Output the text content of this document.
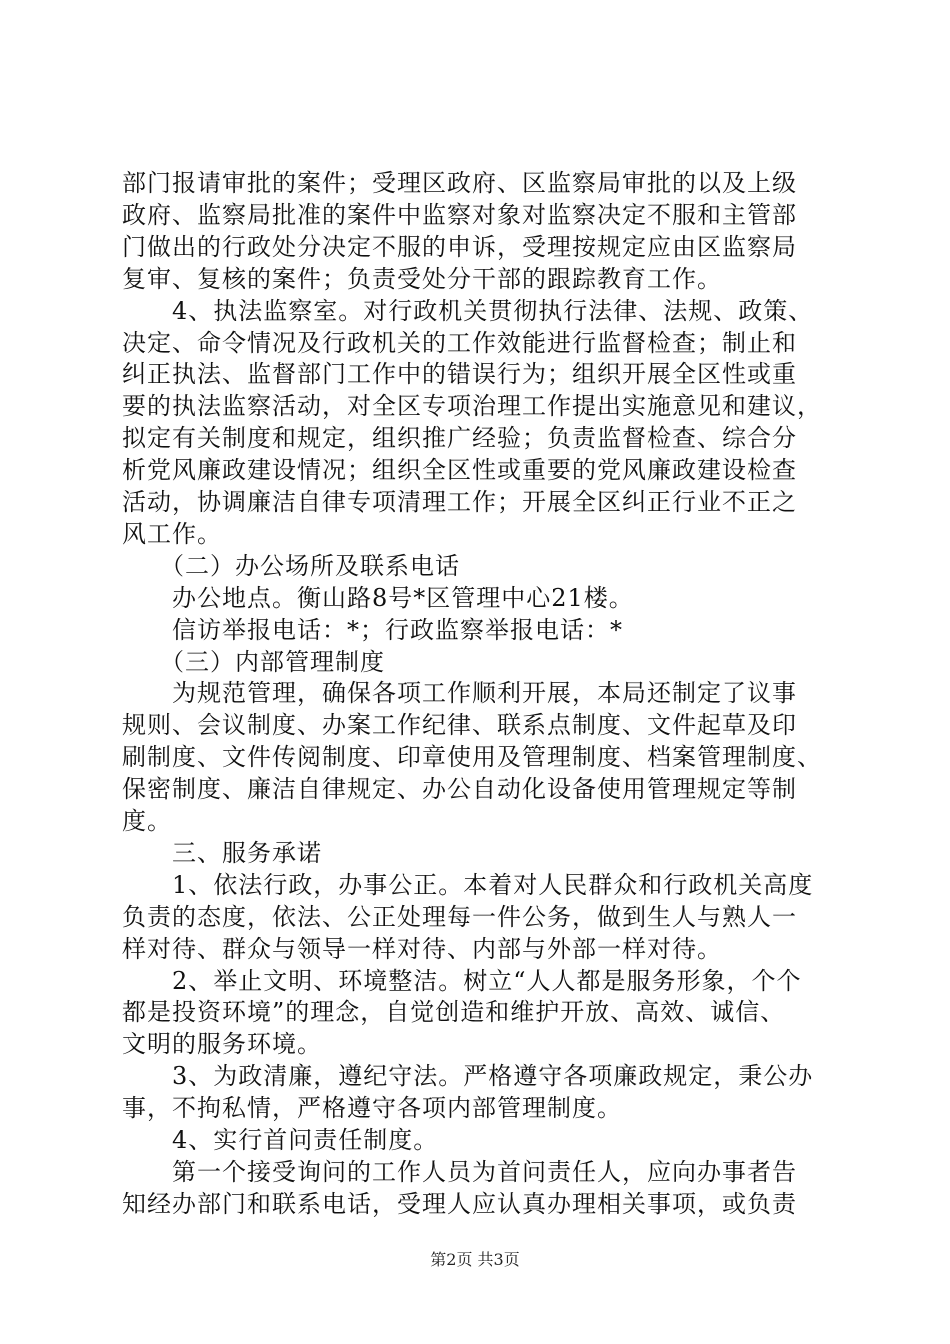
部门报请审批的案件；受理区政府、区监察局审批的以及上级
政府、监察局批准的案件中监察对象对监察决定不服和主管部
门做出的行政处分决定不服的申诉，受理按规定应由区监察局
复审、复核的案件；负责受处分干部的跟踪教育工作。
　　4、执法监察室。对行政机关贯彻执行法律、法规、政策、
决定、命令情况及行政机关的工作效能进行监督检查；制止和
纠正执法、监督部门工作中的错误行为；组织开展全区性或重
要的执法监察活动，对全区专项治理工作提出实施意见和建议，
拟定有关制度和规定，组织推广经验；负责监督检查、综合分
析党风廉政建设情况；组织全区性或重要的党风廉政建设检查
活动，协调廉洁自律专项清理工作；开展全区纠正行业不正之
风工作。
　　（二）办公场所及联系电话
　　办公地点。衡山路8号*区管理中心21楼。
　　信访举报电话：*；行政监察举报电话：*
　　（三）内部管理制度
　　为规范管理，确保各项工作顺利开展，本局还制定了议事
规则、会议制度、办案工作纪律、联系点制度、文件起草及印
刷制度、文件传阅制度、印章使用及管理制度、档案管理制度、
保密制度、廉洁自律规定、办公自动化设备使用管理规定等制
度。
　　三、服务承诺
　　1、依法行政，办事公正。本着对人民群众和行政机关高度
负责的态度，依法、公正处理每一件公务，做到生人与熟人一
样对待、群众与领导一样对待、内部与外部一样对待。
　　2、举止文明、环境整洁。树立“人人都是服务形象，个个
都是投资环境”的理念，自觉创造和维护开放、高效、诚信、
文明的服务环境。
　　3、为政清廉，遵纪守法。严格遵守各项廉政规定，秉公办
事，不拘私情，严格遵守各项内部管理制度。
　　4、实行首问责任制度。
　　第一个接受询问的工作人员为首问责任人，应向办事者告
知经办部门和联系电话，受理人应认真办理相关事项，或负责
第2页 共3页
